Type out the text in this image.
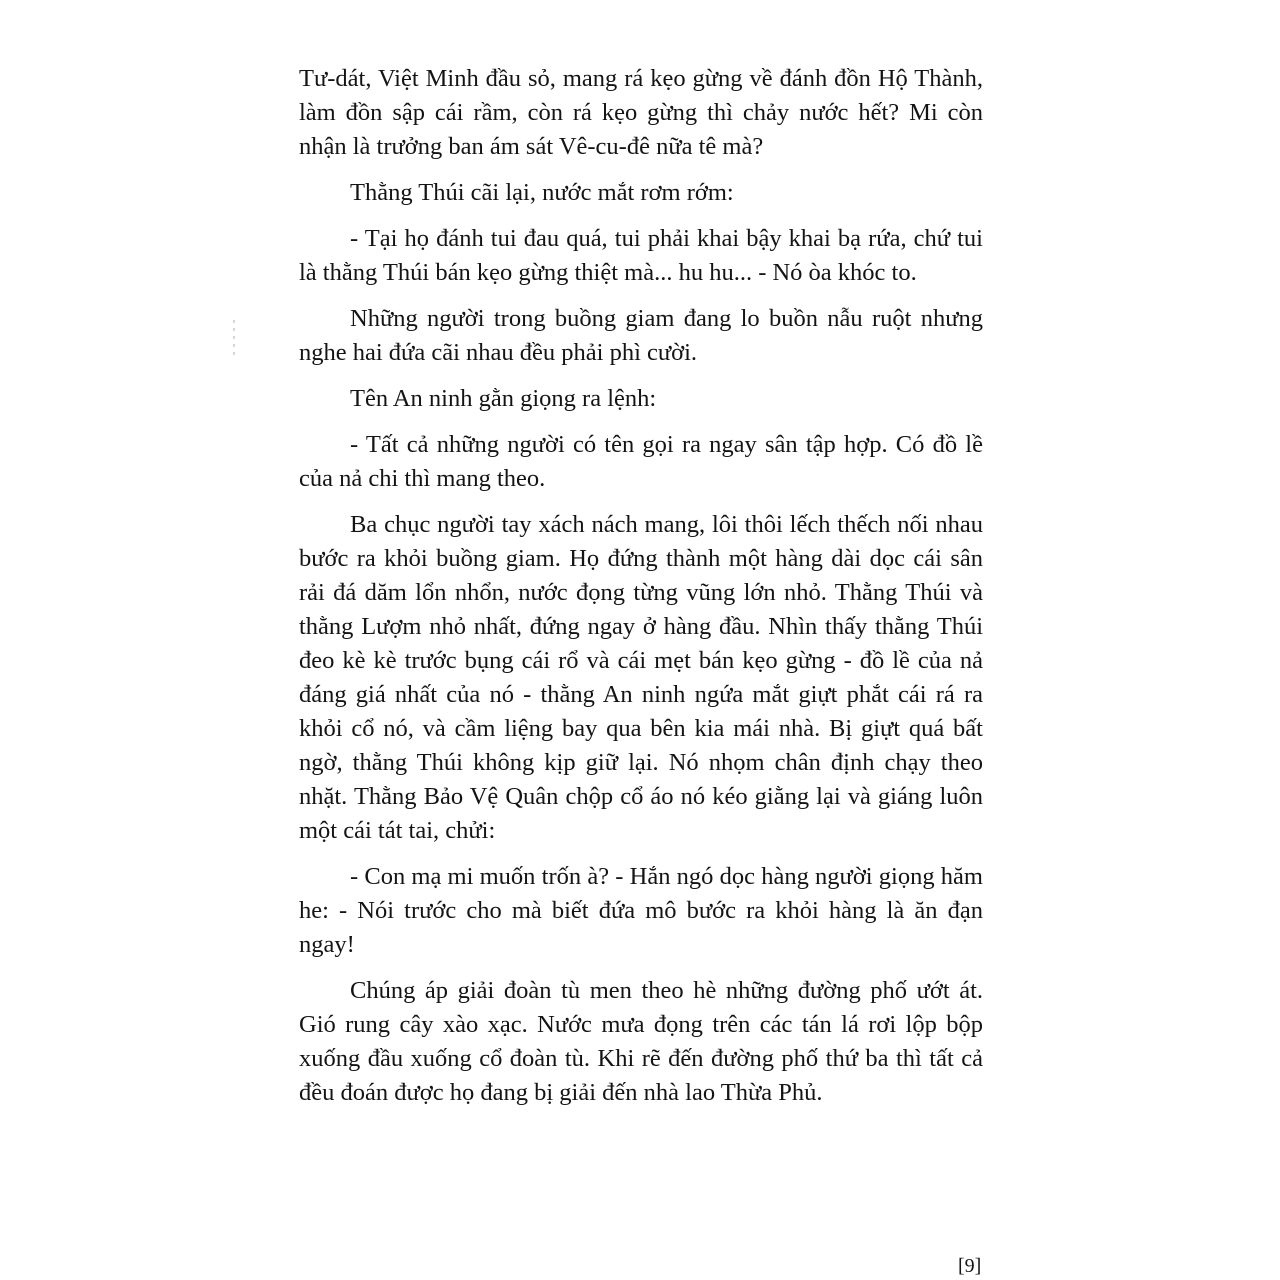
Tư-dát, Việt Minh đầu sỏ, mang rá kẹo gừng về đánh đồn Hộ Thành, làm đồn sập cái rầm, còn rá kẹo gừng thì chảy nước hết? Mi còn nhận là trưởng ban ám sát Vê-cu-đê nữa tê mà?

Thằng Thúi cãi lại, nước mắt rơm rớm:

- Tại họ đánh tui đau quá, tui phải khai bậy khai bạ rứa, chứ tui là thằng Thúi bán kẹo gừng thiệt mà... hu hu... - Nó òa khóc to.

Những người trong buồng giam đang lo buồn nẫu ruột nhưng nghe hai đứa cãi nhau đều phải phì cười.

Tên An ninh gằn giọng ra lệnh:

- Tất cả những người có tên gọi ra ngay sân tập hợp. Có đồ lề của nả chi thì mang theo.

Ba chục người tay xách nách mang, lôi thôi lếch thếch nối nhau bước ra khỏi buồng giam. Họ đứng thành một hàng dài dọc cái sân rải đá dăm lổn nhổn, nước đọng từng vũng lớn nhỏ. Thằng Thúi và thằng Lượm nhỏ nhất, đứng ngay ở hàng đầu. Nhìn thấy thằng Thúi đeo kè kè trước bụng cái rổ và cái mẹt bán kẹo gừng - đồ lề của nả đáng giá nhất của nó - thằng An ninh ngứa mắt giựt phắt cái rá ra khỏi cổ nó, và cầm liệng bay qua bên kia mái nhà. Bị giựt quá bất ngờ, thằng Thúi không kịp giữ lại. Nó nhọm chân định chạy theo nhặt. Thằng Bảo Vệ Quân chộp cổ áo nó kéo giằng lại và giáng luôn một cái tát tai, chửi:

- Con mạ mi muốn trốn à? - Hắn ngó dọc hàng người giọng hăm he: - Nói trước cho mà biết đứa mô bước ra khỏi hàng là ăn đạn ngay!

Chúng áp giải đoàn tù men theo hè những đường phố ướt át. Gió rung cây xào xạc. Nước mưa đọng trên các tán lá rơi lộp bộp xuống đầu xuống cổ đoàn tù. Khi rẽ đến đường phố thứ ba thì tất cả đều đoán được họ đang bị giải đến nhà lao Thừa Phủ.

[9]
